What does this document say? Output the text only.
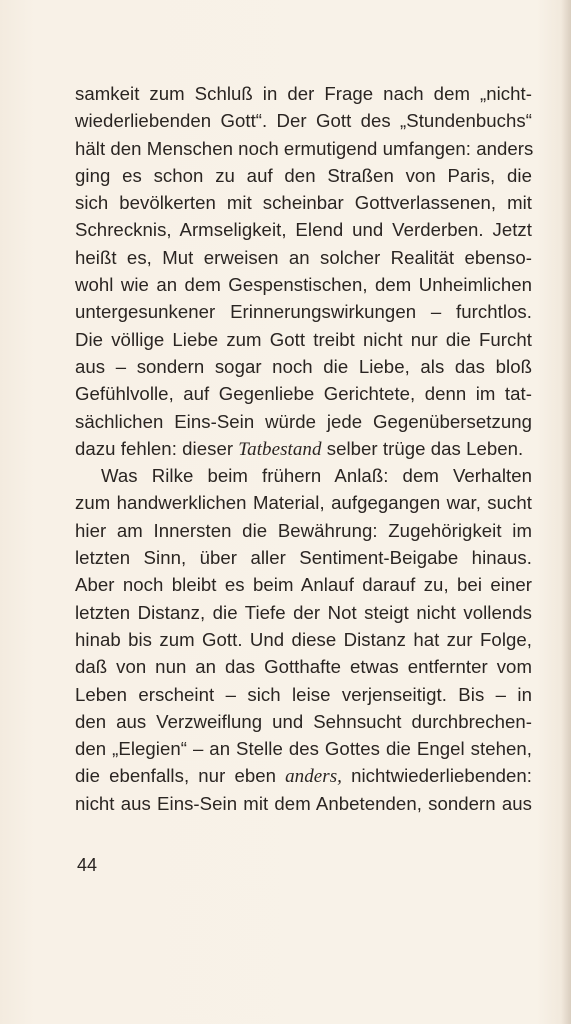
samkeit zum Schluß in der Frage nach dem „nicht-
wiederliebenden Gott“. Der Gott des „Stundenbuchs“
hält den Menschen noch ermutigend umfangen: anders
ging es schon zu auf den Straßen von Paris, die
sich bevölkerten mit scheinbar Gottverlassenen, mit
Schrecknis, Armseligkeit, Elend und Verderben. Jetzt
heißt es, Mut erweisen an solcher Realität ebenso-
wohl wie an dem Gespenstischen, dem Unheimlichen
untergesunkener Erinnerungswirkungen – furchtlos.
Die völlige Liebe zum Gott treibt nicht nur die Furcht
aus – sondern sogar noch die Liebe, als das bloß
Gefühlvolle, auf Gegenliebe Gerichtete, denn im tat-
sächlichen Eins-Sein würde jede Gegenübersetzung
dazu fehlen: dieser Tatbestand selber trüge das Leben.
Was Rilke beim frühern Anlaß: dem Verhalten
zum handwerklichen Material, aufgegangen war, sucht
hier am Innersten die Bewährung: Zugehörigkeit im
letzten Sinn, über aller Sentiment-Beigabe hinaus.
Aber noch bleibt es beim Anlauf darauf zu, bei einer
letzten Distanz, die Tiefe der Not steigt nicht vollends
hinab bis zum Gott. Und diese Distanz hat zur Folge,
daß von nun an das Gotthafte etwas entfernter vom
Leben erscheint – sich leise verjenseitigt. Bis – in
den aus Verzweiflung und Sehnsucht durchbrechen-
den „Elegien“ – an Stelle des Gottes die Engel stehen,
die ebenfalls, nur eben anders, nichtwiederliebenden:
nicht aus Eins-Sein mit dem Anbetenden, sondern aus
44
